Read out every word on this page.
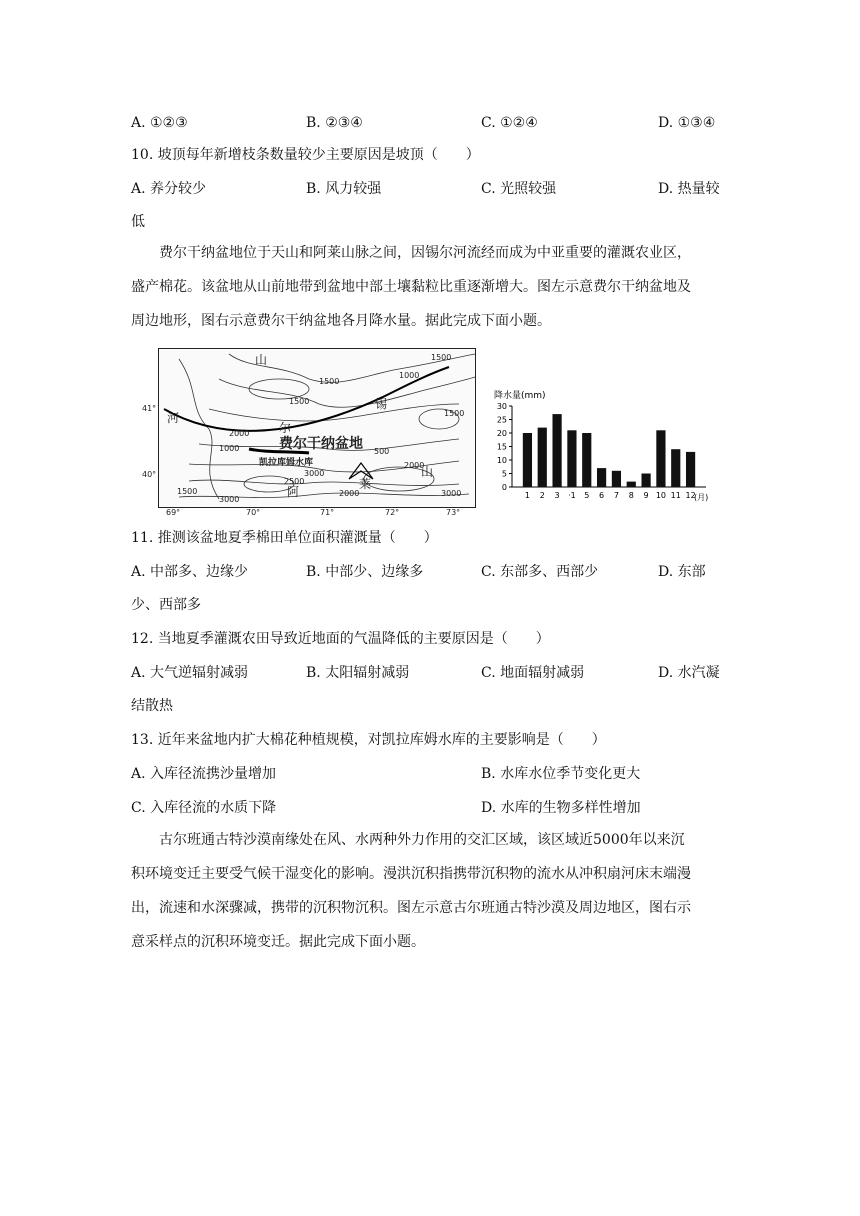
A. ①②③	B. ②③④	C. ①②④	D. ①③④
10. 坡顶每年新增枝条数量较少主要原因是坡顶（　　）
A. 养分较少	B. 风力较强	C. 光照较强	D. 热量较
低
费尔干纳盆地位于天山和阿莱山脉之间，因锡尔河流经而成为中亚重要的灌溉农业区，
盛产棉花。该盆地从山前地带到盆地中部土壤黏粒比重逐渐增大。图左示意费尔干纳盆地及
周边地形，图右示意费尔干纳盆地各月降水量。据此完成下面小题。
山
河
尔
锡
阿
莱
山
费尔干纳盆地
凯拉库姆水库
1500
1500
1000
1500
2000
1000	500
2000
3000
2500
2000
1500
3000
3000
1500
41°
40°
69°	70°	71°	72°	73°
降水量(mm)
(月)
30
25
20
15
10
5
0
1 2 3 ·1 5 6 7 8 9 10 11 12
11. 推测该盆地夏季棉田单位面积灌溉量（　　）
A. 中部多、边缘少	B. 中部少、边缘多	C. 东部多、西部少	D. 东部
少、西部多
12. 当地夏季灌溉农田导致近地面的气温降低的主要原因是（　　）
A. 大气逆辐射减弱	B. 太阳辐射减弱	C. 地面辐射减弱	D. 水汽凝
结散热
13. 近年来盆地内扩大棉花种植规模，对凯拉库姆水库的主要影响是（　　）
A. 入库径流携沙量增加	B. 水库水位季节变化更大
C. 入库径流的水质下降	D. 水库的生物多样性增加
古尔班通古特沙漠南缘处在风、水两种外力作用的交汇区域，该区域近5000年以来沉
积环境变迁主要受气候干湿变化的影响。漫洪沉积指携带沉积物的流水从冲积扇河床末端漫
出，流速和水深骤减，携带的沉积物沉积。图左示意古尔班通古特沙漠及周边地区，图右示
意采样点的沉积环境变迁。据此完成下面小题。
